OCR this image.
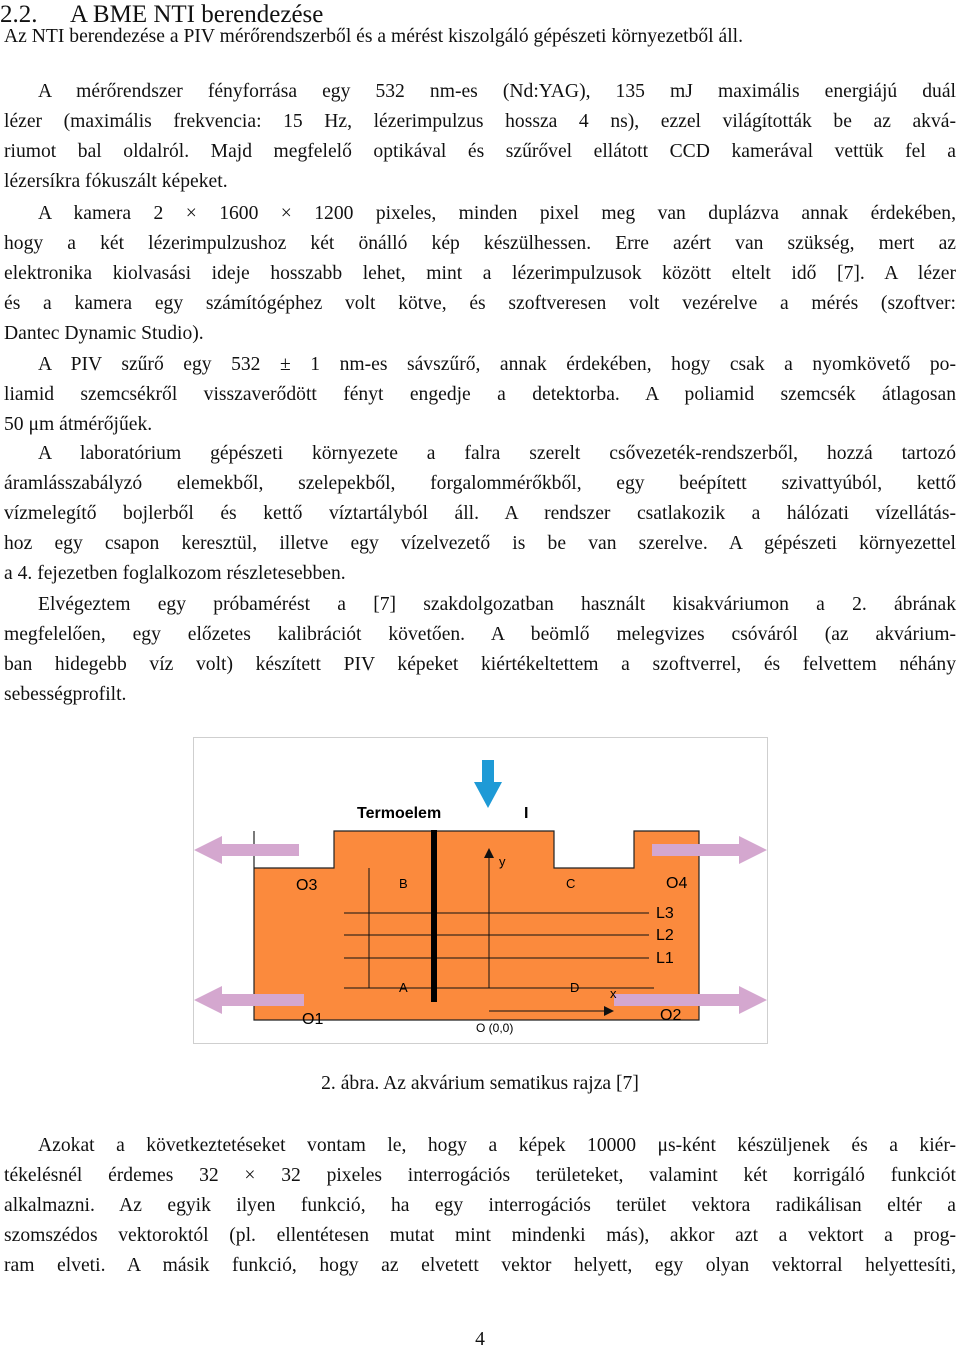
2.2. A BME NTI berendezése
Az NTI berendezése a PIV mérőrendszerből és a mérést kiszolgáló gépészeti környezetből áll.
A mérőrendszer fényforrása egy 532 nm-es (Nd:YAG), 135 mJ maximális energiájú duál
lézer (maximális frekvencia: 15 Hz, lézerimpulzus hossza 4 ns), ezzel világították be az akvá-
riumot bal oldalról. Majd megfelelő optikával és szűrővel ellátott CCD kamerával vettük fel a
lézersíkra fókuszált képeket.
A kamera 2 × 1600 × 1200 pixeles, minden pixel meg van duplázva annak érdekében,
hogy a két lézerimpulzushoz két önálló kép készülhessen. Erre azért van szükség, mert az
elektronika kiolvasási ideje hosszabb lehet, mint a lézerimpulzusok között eltelt idő [7]. A lézer
és a kamera egy számítógéphez volt kötve, és szoftveresen volt vezérelve a mérés (szoftver:
Dantec Dynamic Studio).
A PIV szűrő egy 532 ± 1 nm-es sávszűrő, annak érdekében, hogy csak a nyomkövető po-
liamid szemcsékről visszaverődött fényt engedje a detektorba. A poliamid szemcsék átlagosan
50 μm átmérőjűek.
A laboratórium gépészeti környezete a falra szerelt csővezeték-rendszerből, hozzá tartozó
áramlásszabályzó elemekből, szelepekből, forgalommérőkből, egy beépített szivattyúból, kettő
vízmelegítő bojlerből és kettő víztartályból áll. A rendszer csatlakozik a hálózati vízellátás-
hoz egy csapon keresztül, illetve egy vízelvezető is be van szerelve. A gépészeti környezettel
a 4. fejezetben foglalkozom részletesebben.
Elvégeztem egy próbamérést a [7] szakdolgozatban használt kisakváriumon a 2. ábrának
megfelelően, egy előzetes kalibrációt követően. A beömlő melegvizes csóváról (az akvárium-
ban hidegebb víz volt) készített PIV képeket kiértékeltettem a szoftverrel, és felvettem néhány
sebességprofilt.
Termoelem	I
O3	O4
O1	O2
B	C
A	D
y
x
O (0,0)
L3
L2
L1
2. ábra. Az akvárium sematikus rajza [7]
Azokat a következtetéseket vontam le, hogy a képek 10000 μs-ként készüljenek és a kiér-
tékelésnél érdemes 32 × 32 pixeles interrogációs területeket, valamint két korrigáló funkciót
alkalmazni. Az egyik ilyen funkció, ha egy interrogációs terület vektora radikálisan eltér a
szomszédos vektoroktól (pl. ellentétesen mutat mint mindenki más), akkor azt a vektort a prog-
ram elveti. A másik funkció, hogy az elvetett vektor helyett, egy olyan vektorral helyettesíti,
4
